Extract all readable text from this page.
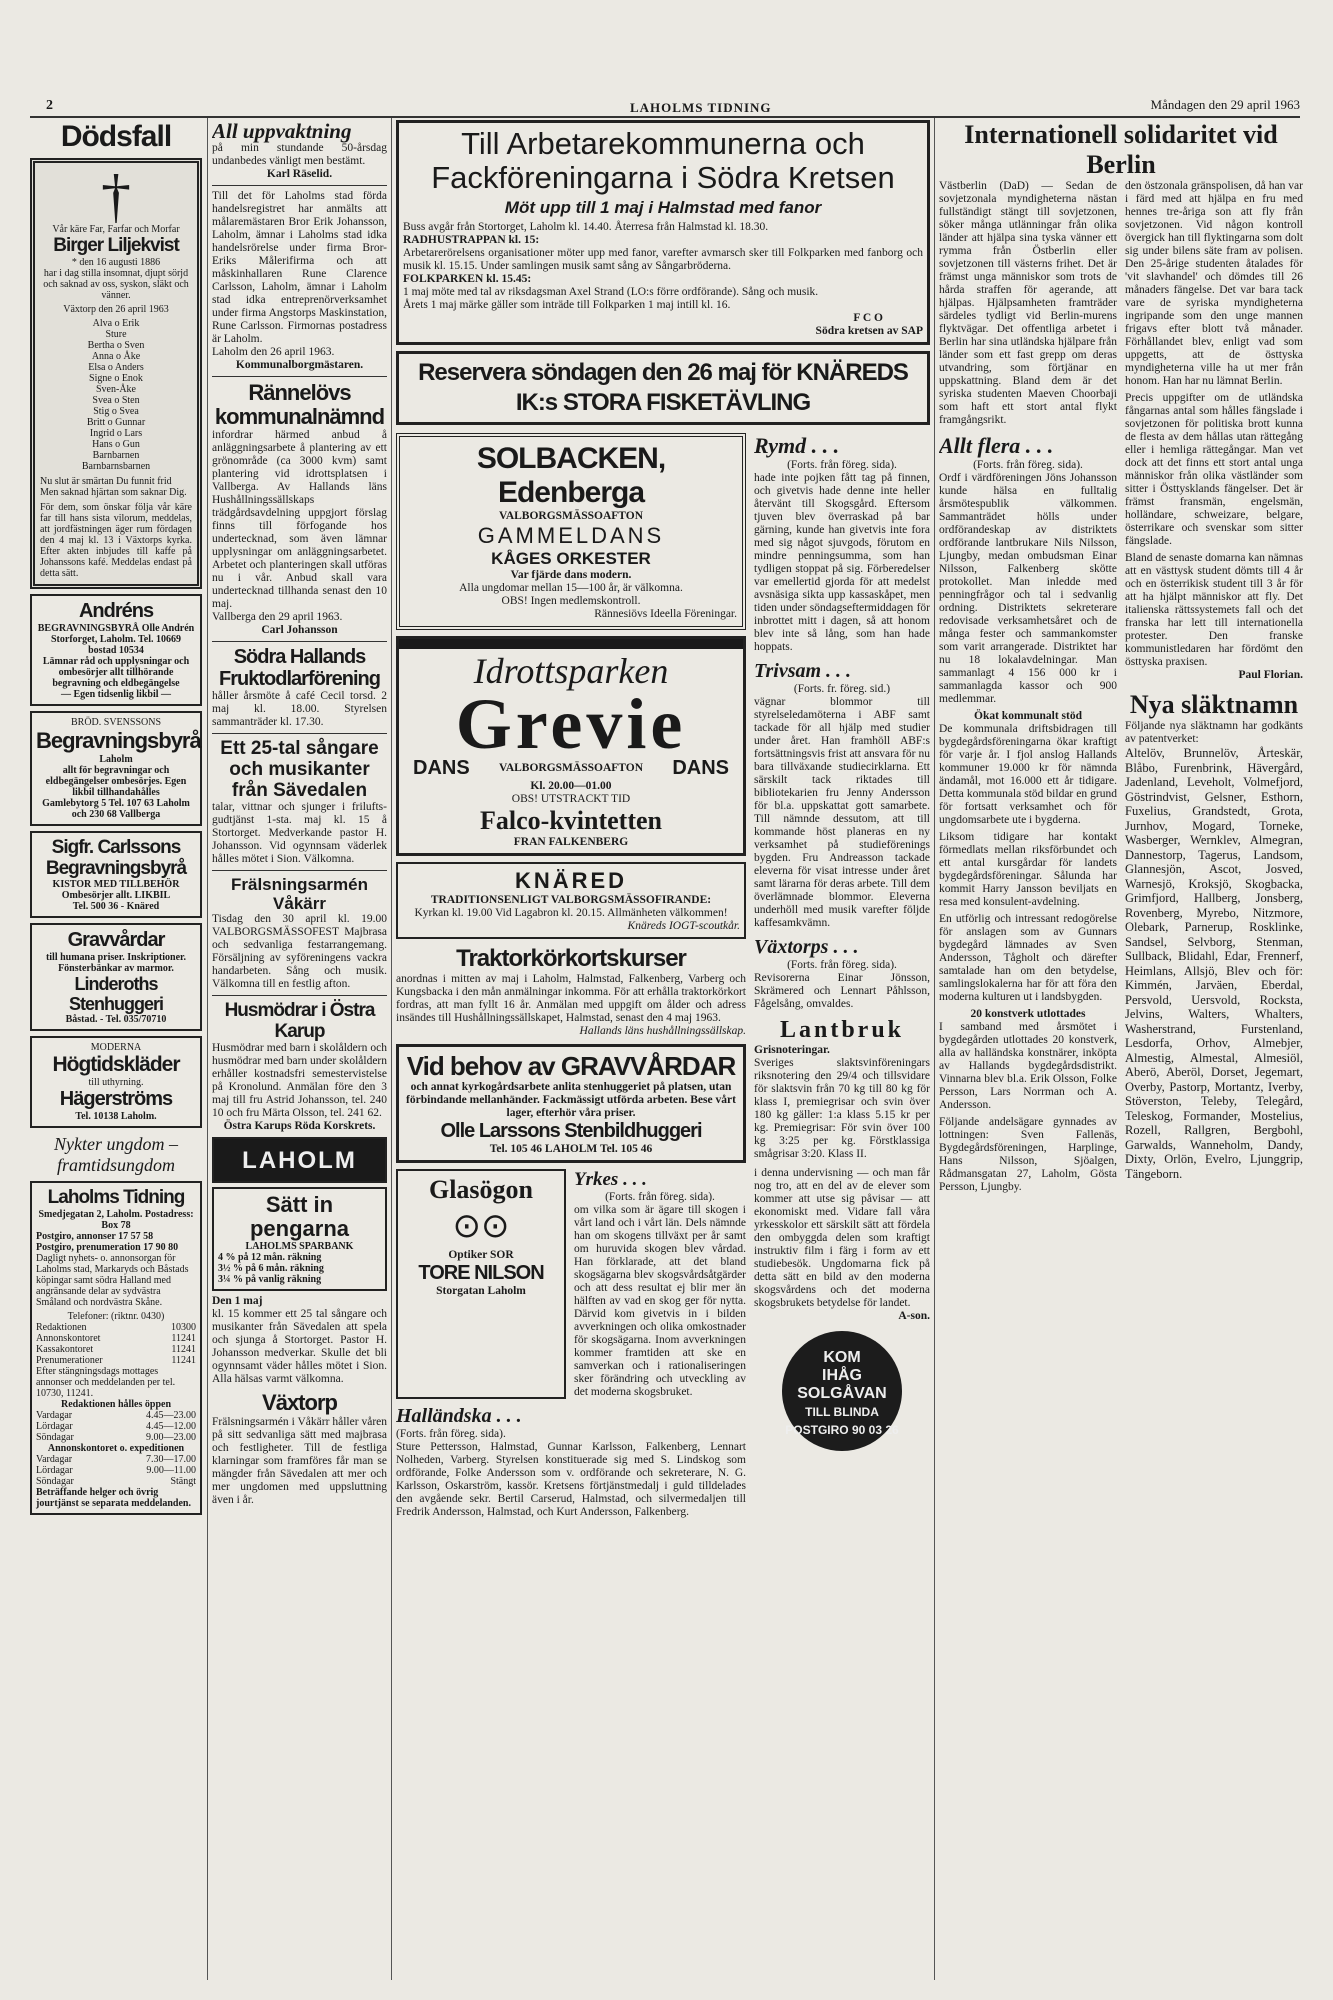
2	LAHOLMS TIDNING	Måndagen den 29 april 1963
Dödsfall
†
Vår käre Far, Farfar och Morfar
Birger Liljekvist
* den 16 augusti 1886
har i dag stilla insomnat, djupt sörjd och saknad av oss, syskon, släkt och vänner.
Växtorp den 26 april 1963
Alva o Erik
Sture
Bertha o Sven
Anna o Åke
Elsa o Anders
Signe o Enok
Sven-Åke
Svea o Sten
Stig o Svea
Britt o Gunnar
Ingrid o Lars
Hans o Gun
Barnbarnen
Barnbarnsbarnen
Nu slut är smärtan Du funnit frid Men saknad hjärtan som saknar Dig.
För dem, som önskar följa vår käre far till hans sista vilorum, meddelas, att jordfästningen äger rum fördagen den 4 maj kl. 13 i Växtorps kyrka. Efter akten inbjudes till kaffe på Johanssons kafé. Meddelas endast på detta sätt.
Andréns
BEGRAVNINGSBYRÅ Olle Andrén
Storforget, Laholm. Tel. 10669 bostad 10534
Lämnar råd och upplysningar och ombesörjer allt tillhörande begravning och eldbegängelse
— Egen tidsenlig likbil —
BRÖD. SVENSSONS
Begravningsbyrå
Laholm
allt för begravningar och eldbegängelser ombesörjes. Egen likbil tillhandahålles
Gamlebytorg 5 Tel. 107 63 Laholm och 230 68 Vallberga
Sigfr. Carlssons Begravningsbyrå
KISTOR MED TILLBEHÖR
Ombesörjer allt. LIKBIL
Tel. 500 36 - Knäred
Gravvårdar
till humana priser. Inskriptioner. Fönsterbänkar av marmor.
Linderoths Stenhuggeri
Båstad. - Tel. 035/70710
MODERNA
Högtidskläder
till uthyrning.
Hägerströms
Tel. 10138 Laholm.
Nykter ungdom – framtidsungdom
Laholms Tidning
Smedjegatan 2, Laholm. Postadress: Box 78
Postgiro, annonser 17 57 58
Postgiro, prenumeration 17 90 80
Dagligt nyhets- o. annonsorgan för Laholms stad, Markaryds och Båstads köpingar samt södra Halland med angränsande delar av sydvästra Småland och nordvästra Skåne.
Telefoner: (riktnr. 0430)
Redaktionen	10300
Annonskontoret	11241
Kassakontoret	11241
Prenumerationer	11241
Efter stängningsdags mottages annonser och meddelanden per tel. 10730, 11241.
Redaktionen hålles öppen
Vardagar	4.45—23.00
Lördagar	4.45—12.00
Söndagar	9.00—23.00
Annonskontoret o. expeditionen
Vardagar	7.30—17.00
Lördagar	9.00—11.00
Söndagar	Stängt
Beträffande helger och övrig jourtjänst se separata meddelanden.
All uppvaktning
på min stundande 50-årsdag undanbedes vänligt men bestämt.
Karl Räselid.
Till det för Laholms stad förda handelsregistret har anmälts att målaremästaren Bror Erik Johansson, Laholm, ämnar i Laholms stad idka handelsrörelse under firma Bror-Eriks Målerifirma och att måskinhallaren Rune Clarence Carlsson, Laholm, ämnar i Laholm stad idka entreprenörverksamhet under firma Angstorps Maskinstation, Rune Carlsson. Firmornas postadress är Laholm.
Laholm den 26 april 1963.
Kommunalborgmästaren.
Rännelövs kommunalnämnd
infordrar härmed anbud å anläggningsarbete å plantering av ett grönområde (ca 3000 kvm) samt plantering vid idrottsplatsen i Vallberga. Av Hallands läns Hushållningssällskaps trädgårdsavdelning uppgjort förslag finns till förfogande hos undertecknad, som även lämnar upplysningar om anläggningsarbetet. Arbetet och planteringen skall utföras nu i vår. Anbud skall vara undertecknad tillhanda senast den 10 maj.
Vallberga den 29 april 1963.
Carl Johansson
Södra Hallands Fruktodlarförening
håller årsmöte å café Cecil torsd. 2 maj kl. 18.00. Styrelsen sammanträder kl. 17.30.
Ett 25-tal sångare och musikanter från Sävedalen
talar, vittnar och sjunger i friluftsgudtjänst 1-sta. maj kl. 15 å Stortorget. Medverkande pastor H. Johansson. Vid ogynnsam väderlek hålles mötet i Sion. Välkomna.
Frälsningsarmén Våkärr
Tisdag den 30 april kl. 19.00 VALBORGSMÄSSOFEST Majbrasa och sedvanliga festarrangemang. Försäljning av syföreningens vackra handarbeten. Sång och musik. Välkomna till en festlig afton.
Husmödrar i Östra Karup
Husmödrar med barn i skolåldern och husmödrar med barn under skolåldern erhåller kostnadsfri semestervistelse på Kronolund. Anmälan före den 3 maj till fru Astrid Johansson, tel. 240 10 och fru Märta Olsson, tel. 241 62.
Östra Karups Röda Korskrets.
LAHOLM
Sätt in pengarna
LAHOLMS SPARBANK
4 % på 12 mån. räkning
3½ % på 6 mån. räkning
3¼ % på vanlig räkning
Den 1 maj
kl. 15 kommer ett 25 tal sångare och musikanter från Sävedalen att spela och sjunga å Stortorget. Pastor H. Johansson medverkar. Skulle det bli ogynnsamt väder hålles mötet i Sion. Alla hälsas varmt välkomna.
Växtorp
Frälsningsarmén i Våkärr håller våren på sitt sedvanliga sätt med majbrasa och festligheter. Till de festliga klarningar som framföres får man se mängder från Sävedalen att mer och mer ungdomen med uppsluttning även i år.
Till Arbetarekommunerna och Fackföreningarna i Södra Kretsen
Möt upp till 1 maj i Halmstad med fanor
Buss avgår från Stortorget, Laholm kl. 14.40. Återresa från Halmstad kl. 18.30.
RADHUSTRAPPAN kl. 15:
Arbetarerörelsens organisationer möter upp med fanor, varefter avmarsch sker till Folkparken med fanborg och musik kl. 15.15. Under samlingen musik samt sång av Sångarbröderna.
FOLKPARKEN kl. 15.45:
1 maj möte med tal av riksdagsman Axel Strand (LO:s förre ordförande). Sång och musik.
Årets 1 maj märke gäller som inträde till Folkparken 1 maj intill kl. 16.
F C O
Södra kretsen av SAP
Reservera söndagen den 26 maj för KNÄREDS IK:s STORA FISKETÄVLING
SOLBACKEN, Edenberga
VALBORGSMÄSSOAFTON
GAMMELDANS
KÅGES ORKESTER
Var fjärde dans modern.
Alla ungdomar mellan 15—100 år, är välkomna.
OBS! Ingen medlemskontroll.
Rännesiövs Ideella Föreningar.
Idrottsparken
Grevie
DANS	VALBORGSMÄSSOAFTON DANS
Kl. 20.00—01.00
OBS! UTSTRACKT TID
Falco-kvintetten
FRAN FALKENBERG
KNÄRED
TRADITIONSENLIGT VALBORGSMÄSSOFIRANDE:
Kyrkan kl. 19.00 Vid Lagabron kl. 20.15. Allmänheten välkommen!
Knäreds IOGT-scoutkår.
Traktorkörkortskurser
anordnas i mitten av maj i Laholm, Halmstad, Falkenberg, Varberg och Kungsbacka i den mån anmälningar inkomma. För att erhålla traktorkörkort fordras, att man fyllt 16 år. Anmälan med uppgift om ålder och adress insändes till Hushållningssällskapet, Halmstad, senast den 4 maj 1963.
Hallands läns hushållningssällskap.
Vid behov av GRAVVÅRDAR
och annat kyrkogårdsarbete anlita stenhuggeriet på platsen, utan förbindande mellanhänder. Fackmässigt utförda arbeten. Bese vårt lager, efterhör våra priser.
Olle Larssons Stenbildhuggeri
Tel. 105 46 LAHOLM Tel. 105 46
Glasögon
⊙⊙
Optiker SOR
TORE NILSON
Storgatan Laholm
Yrkes . . .
(Forts. från föreg. sida).
om vilka som är ägare till skogen i vårt land och i vårt län. Dels nämnde han om skogens tillväxt per år samt om huruvida skogen blev vårdad. Han förklarade, att det bland skogsägarna blev skogsvårdsåtgärder och att dess resultat ej blir mer än hälften av vad en skog ger för nytta. Därvid kom givetvis in i bilden avverkningen och olika omkostnader för skogsägarna. Inom avverkningen kommer framtiden att ske en samverkan och i rationaliseringen sker förändring och utveckling av det moderna skogsbruket.
Halländska . . .
(Forts. från föreg. sida).
Sture Pettersson, Halmstad, Gunnar Karlsson, Falkenberg, Lennart Nolheden, Varberg. Styrelsen konstituerade sig med S. Lindskog som ordförande, Folke Andersson som v. ordförande och sekreterare, N. G. Karlsson, Oskarström, kassör. Kretsens förtjänstmedalj i guld tilldelades den avgående sekr. Bertil Carserud, Halmstad, och silvermedaljen till Fredrik Andersson, Halmstad, och Kurt Andersson, Falkenberg.
Rymd . . .
(Forts. från föreg. sida).
hade inte pojken fått tag på finnen, och givetvis hade denne inte heller återvänt till Skogsgård. Eftersom tjuven blev överraskad på bar gärning, kunde han givetvis inte fora med sig något sjuvgods, förutom en mindre penningsumma, som han tydligen stoppat på sig. Förberedelser var emellertid gjorda för att medelst avsnäsiga sikta upp kassaskåpet, men tiden under söndagseftermiddagen för inbrottet mitt i dagen, så att honom blev inte så lång, som han hade hoppats.
Trivsam . . .
(Forts. fr. föreg. sid.)
vägnar blommor till styrelseledamöterna i ABF samt tackade för all hjälp med studier under året. Han framhöll ABF:s fortsättningsvis frist att ansvara för nu bara tillväxande studiecirklarna. Ett särskilt tack riktades till bibliotekarien fru Jenny Andersson för bl.a. uppskattat gott samarbete. Till nämnde dessutom, att till kommande höst planeras en ny verksamhet på studieförenings bygden. Fru Andreasson tackade eleverna för visat intresse under året samt lärarna för deras arbete. Till dem överlämnade blommor. Eleverna underhöll med musik varefter följde kaffesamkvämn.
Växtorps . . .
(Forts. från föreg. sida).
Revisorerna Einar Jönsson, Skrämered och Lennart Påhlsson, Fågelsång, omvaldes.
Lantbruk
Grisnoteringar.
Sveriges slaktsvinföreningars riksnotering den 29/4 och tillsvidare för slaktsvin från 70 kg till 80 kg för klass I, premiegrisar och svin över 180 kg gäller: 1:a klass 5.15 kr per kg. Premiegrisar: För svin över 100 kg 3:25 per kg. Förstklassiga smågrisar 3:20. Klass II.
i denna undervisning — och man får nog tro, att en del av de elever som kommer att utse sig påvisar — att ekonomiskt med. Vidare fall våra yrkesskolor ett särskilt sätt att fördela den ombyggda delen som kraftigt instruktiv film i färg i form av ett studiebesök. Ungdomarna fick på detta sätt en bild av den moderna skogsvårdens och det moderna skogsbrukets betydelse för landet.
A-son.
KOM
IHÅG
SOLGÅVAN
TILL BLINDA
POSTGIRO 90 03 26
Internationell solidaritet vid Berlin
Västberlin (DaD) — Sedan de sovjetzonala myndigheterna nästan fullständigt stängt till sovjetzonen, söker många utlänningar från olika länder att hjälpa sina tyska vänner ett rymma från Östberlin eller sovjetzonen till västerns frihet. Det är främst unga människor som trots de hårda straffen för agerande, att hjälpas. Hjälpsamheten framträder särdeles tydligt vid Berlin-murens flyktvägar. Det offentliga arbetet i Berlin har sina utländska hjälpare från länder som ett fast grepp om deras utvandring, som förtjänar en uppskattning. Bland dem är det syriska studenten Maeven Choorbaji som haft ett stort antal flykt framgångsrikt.
Allt flera . . .
(Forts. från föreg. sida).
Ordf i värdföreningen Jöns Johansson kunde hälsa en fulltalig årsmötespublik välkommen. Sammanträdet hölls under ordförandeskap av distriktets ordförande lantbrukare Nils Nilsson, Ljungby, medan ombudsman Einar Nilsson, Falkenberg skötte protokollet. Man inledde med penningfrågor och tal i sedvanlig ordning. Distriktets sekreterare redovisade verksamhetsåret och de många fester och sammankomster som varit arrangerade. Distriktet har nu 18 lokalavdelningar. Man sammanlagt 4 156 000 kr i sammanlagda kassor och 900 medlemmar.
Ökat kommunalt stöd
De kommunala driftsbidragen till bygdegårdsföreningarna ökar kraftigt för varje år. I fjol anslog Hallands kommuner 19.000 kr för nämnda ändamål, mot 16.000 ett år tidigare. Detta kommunala stöd bildar en grund för fortsatt verksamhet och för ungdomsarbete ute i bygderna.
Liksom tidigare har kontakt förmedlats mellan riksförbundet och ett antal kursgårdar för landets bygdegårdsföreningar. Sålunda har kommit Harry Jansson beviljats en resa med konsulent-avdelning.
En utförlig och intressant redogörelse för anslagen som av Gunnars bygdegård lämnades av Sven Andersson, Tågholt och därefter samtalade han om den betydelse, samlingslokalerna har för att föra den moderna kulturen ut i landsbygden.
20 konstverk utlottades
I samband med årsmötet i bygdegården utlottades 20 konstverk, alla av halländska konstnärer, inköpta av Hallands bygdegårdsdistrikt. Vinnarna blev bl.a. Erik Olsson, Folke Persson, Lars Norrman och A. Andersson.
Följande andelsägare gynnades av lottningen: Sven Fallenäs, Bygdegårdsföreningen, Harplinge, Hans Nilsson, Sjöalgen, Rådmansgatan 27, Laholm, Gösta Persson, Ljungby.
den östzonala gränspolisen, då han var i färd med att hjälpa en fru med hennes tre-åriga son att fly från sovjetzonen. Vid någon kontroll övergick han till flyktingarna som dolt sig under bilens säte fram av polisen. Den 25-årige studenten åtalades för 'vit slavhandel' och dömdes till 26 månaders fängelse. Det var bara tack vare de syriska myndigheterna ingripande som den unge mannen frigavs efter blott två månader. Förhållandet blev, enligt vad som uppgetts, att de östtyska myndigheterna ville ha ut mer från honom. Han har nu lämnat Berlin.
Precis uppgifter om de utländska fångarnas antal som hålles fängslade i sovjetzonen för politiska brott kunna de flesta av dem hållas utan rättegång eller i hemliga rättegångar. Man vet dock att det finns ett stort antal unga människor från olika västländer som sitter i Östtysklands fängelser. Det är främst fransmän, engelsmän, holländare, schweizare, belgare, österrikare och svenskar som sitter fängslade.
Bland de senaste domarna kan nämnas att en västtysk student dömts till 4 år och en österrikisk student till 3 år för att ha hjälpt människor att fly. Det italienska rättssystemets fall och det franska har lett till internationella protester. Den franske kommunistledaren har fördömt den östtyska praxisen.
Paul Florian.
Nya släktnamn
Följande nya släktnamn har godkänts av patentverket:
Altelöv, Brunnelöv, Årteskär, Blåbo, Furenbrink, Hävergård, Jadenland, Leveholt, Volmefjord, Göstrindvist, Gelsner, Esthorn, Fuxelius, Grandstedt, Grota, Jurnhov, Mogard, Torneke, Wasberger, Wernklev, Almegran, Dannestorp, Tagerus, Landsom, Glannesjön, Ascot, Josved, Warnesjö, Kroksjö, Skogbacka, Grimfjord, Hallberg, Jonsberg, Rovenberg, Myrebo, Nitzmore, Olebark, Parnerup, Rosklinke, Sandsel, Selvborg, Stenman, Sullback, Blidahl, Edar, Frennerf, Heimlans, Allsjö, Blev och för: Kimmén, Jarväen, Eberdal, Persvold, Uersvold, Rocksta, Jelvins, Walters, Whalters, Washerstrand, Furstenland, Lesdorfa, Orhov, Almebjer, Almestig, Almestal, Almesiöl, Aberö, Aberöl, Dorset, Jegemart, Overby, Pastorp, Mortantz, Iverby, Stöverston, Teleby, Telegård, Teleskog, Formander, Mostelius, Rozell, Rallgren, Bergbohl, Garwalds, Wanneholm, Dandy, Dixty, Orlön, Evelro, Ljunggrip, Tängeborn.
